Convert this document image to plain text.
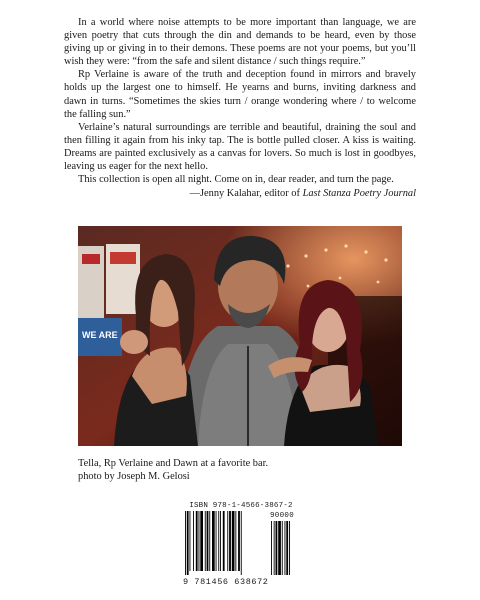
In a world where noise attempts to be more important than language, we are given poetry that cuts through the din and demands to be heard, even by those giving up or giving in to their demons. These poems are not your poems, but you’ll wish they were: “from the safe and silent distance / such things require.”

Rp Verlaine is aware of the truth and deception found in mirrors and bravely holds up the largest one to himself. He yearns and burns, inviting darkness and dawn in turns. “Sometimes the skies turn / orange wondering where / to welcome the falling sun.”

Verlaine’s natural surroundings are terrible and beautiful, draining the soul and then filling it again from his inky tap. The is bottle pulled closer. A kiss is waiting. Dreams are painted exclusively as a canvas for lovers. So much is lost in goodbyes, leaving us eager for the next hello.

This collection is open all night. Come on in, dear reader, and turn the page.

—Jenny Kalahar, editor of Last Stanza Poetry Journal
WE ARE
Tella, Rp Verlaine and Dawn at a favorite bar.
photo by Joseph M. Gelosi
ISBN 978-1-4566-3867-2
90000
9 781456 638672
